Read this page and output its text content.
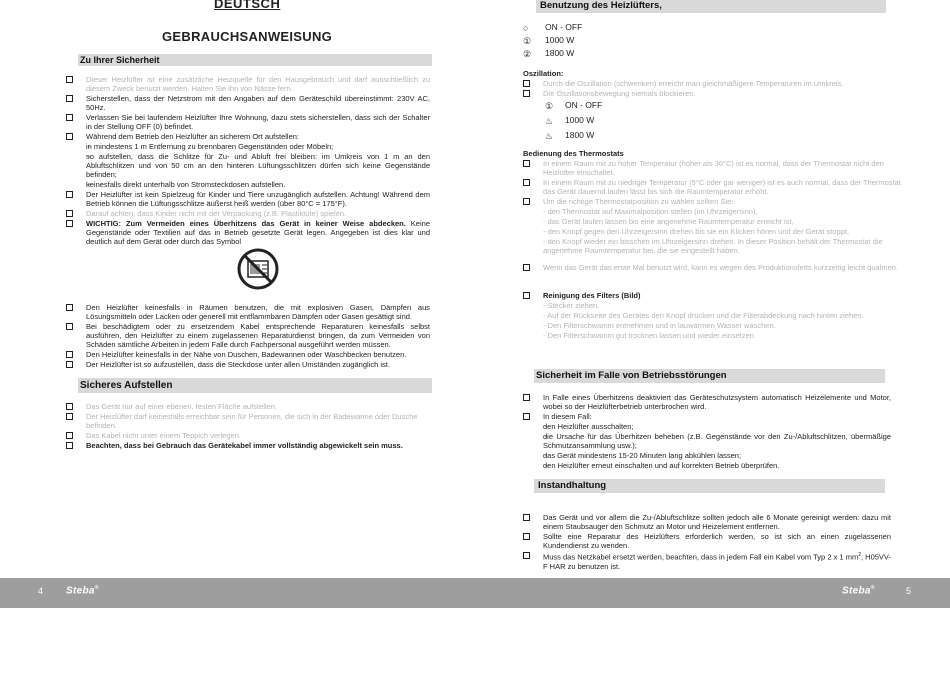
DEUTSCH
GEBRAUCHSANWEISUNG
Zu Ihrer Sicherheit
Dieser Heizlüfter ist eine zusätzliche Heizquelle für den Hausgebrauch und darf ausschließlich zu diesem Zweck benutzt werden. Halten Sie ihn von Nässe fern.
Sicherstellen, dass der Netzstrom mit den Angaben auf dem Geräteschild übereinstimmt: 230V AC, 50Hz.
Verlassen Sie bei laufendem Heizlüfter Ihre Wohnung, dazu stets sicherstellen, dass sich der Schalter in der Stellung OFF (0) befindet.
Während dem Betrieb den Heizlüfter an sicherem Ort aufstellen:
- in mindestens 1 m Entfernung zu brennbaren Gegenständen oder Möbeln;
- so aufstellen, dass die Schlitze für Zu- und Abluft frei bleiben: im Umkreis von 1 m an den Abluftschlitzen und von 50 cm an den hinteren Lüftungsschlitzen dürfen sich keine Gegenstände befinden;
- keinesfalls direkt unterhalb von Stromsteckdosen aufstellen.
Der Heizlüfter ist kein Spielzeug für Kinder und Tiere unzugänglich aufstellen. Achtung! Während dem Betrieb können die Lüftungsschlitze äußerst heiß werden (über 80°C = 175°F).
Darauf achten, dass Kinder nicht mit der Verpackung (z.B. Plastiktüte) spielen.
WICHTIG: Zum Vermeiden eines Überhitzens das Gerät in keiner Weise abdecken. Keine Gegenstände oder Textilien auf das in Betrieb gesetzte Gerät legen. Angegeben ist dies klar und deutlich auf dem Gerät oder durch das Symbol
Den Heizlüfter keinesfalls in Räumen benutzen, die mit explosiven Gasen, Dämpfen aus Lösungsmitteln oder Lacken oder generell mit entflammbaren Dämpfen oder Gasen gesättigt sind.
Bei beschädigtem oder zu ersetzendem Kabel entsprechende Reparaturen keinesfalls selbst ausführen, den Heizlüfter zu einem zugelassenen Reparaturdienst bringen, da zum Vermeiden von Schäden sämtliche Arbeiten in jedem Falle durch Fachpersonal ausgeführt werden müssen.
Den Heizlüfter keinesfalls in der Nähe von Duschen, Badewannen oder Waschbecken benutzen.
Der Heizlüfter ist so aufzustellen, dass die Steckdose unter allen Umständen zugänglich ist.
Sicheres Aufstellen
Das Gerät nur auf einer ebenen, festen Fläche aufstellen.
Der Heizlüfter darf keinesfalls erreichbar sein für Personen, die sich in der Badewanne oder Dusche befinden.
Das Kabel nicht unter einem Teppich verlegen.
Beachten, dass bei Gebrauch das Gerätekabel immer vollständig abgewickelt sein muss.
Benutzung des Heizlüfters,
○ ON - OFF
① 1000 W
② 1800 W
Oszillation:
Durch die Oszillation (schwenken) erreicht man gleichmäßigere Temperaturen im Umkreis.
Die Oszillationsbewegung niemals blockieren.
① ON - OFF
♨ 1000 W
♨ 1800 W
Bedienung des Thermostats
In einem Raum mit zu hoher Temperatur (höher als 30°C) ist es normal, dass der Thermostat nicht den Heizlüfter einschaltet.
In einem Raum mit zu niedriger Temperatur (5°C oder gar weniger) ist es auch normal, dass der Thermostat das Gerät dauernd laufen lässt bis sich die Raumtemperatur erhöht.
Um die richtige Thermostatposition zu wählen sollten Sie:
- den Thermostat auf Maximalposition stellen (im Uhrzeigersinn),
- das Gerät laufen lassen bis eine angenehme Raumtemperatur erreicht ist,
- den Knopf gegen den Uhrzeigersinn drehen bis sie ein Klicken hören und der Gerät stoppt,
- den Knopf wieder ein bisschen im Uhrzeigersinn drehen. In dieser Position behält der Thermostat die angenehme Raumtemperatur bei, die sie eingestellt haben.
Wenn das Gerät das erste Mal benutzt wird, kann es wegen des Produktionsfetts kurzzeitig leicht qualmen.
Reinigung des Filters (Bild)
- Stecker ziehen.
- Auf der Rückseite des Gerätes den Knopf drücken und die Filterabdeckung nach hinten ziehen.
- Den Filterschwamm entnehmen und in lauwarmen Wasser waschen.
- Den Filterschwamm gut trocknen lassen und wieder einsetzen.
Sicherheit im Falle von Betriebsstörungen
In Falle eines Überhitzens deaktiviert das Geräteschutzsystem automatisch Heizelemente und Motor, wobei so der Heizlüfterbetrieb unterbrochen wird.
In diesem Fall:
- den Heizlüfter ausschalten;
- die Ursache für das Überhitzen beheben (z.B. Gegenstände vor den Zu-/Abluftschlitzen, übermäßige Schmutzansammlung usw.);
- das Gerät mindestens 15-20 Minuten lang abkühlen lassen;
- den Heizlüfter erneut einschalten und auf korrekten Betrieb überprüfen.
Instandhaltung
Das Gerät und vor allem die Zu-/Abluftschlitze sollten jedoch alle 6 Monate gereinigt werden: dazu mit einem Staubsauger den Schmutz an Motor und Heizelement entfernen.
Sollte eine Reparatur des Heizlüfters erforderlich werden, so ist sich an einen zugelassenen Kundendienst zu wenden.
Muss das Netzkabel ersetzt werden, beachten, dass in jedem Fall ein Kabel vom Typ 2 x 1 $mm^2$, H05VV-F HAR zu benutzen ist.
4 Steba®	Steba®	5
